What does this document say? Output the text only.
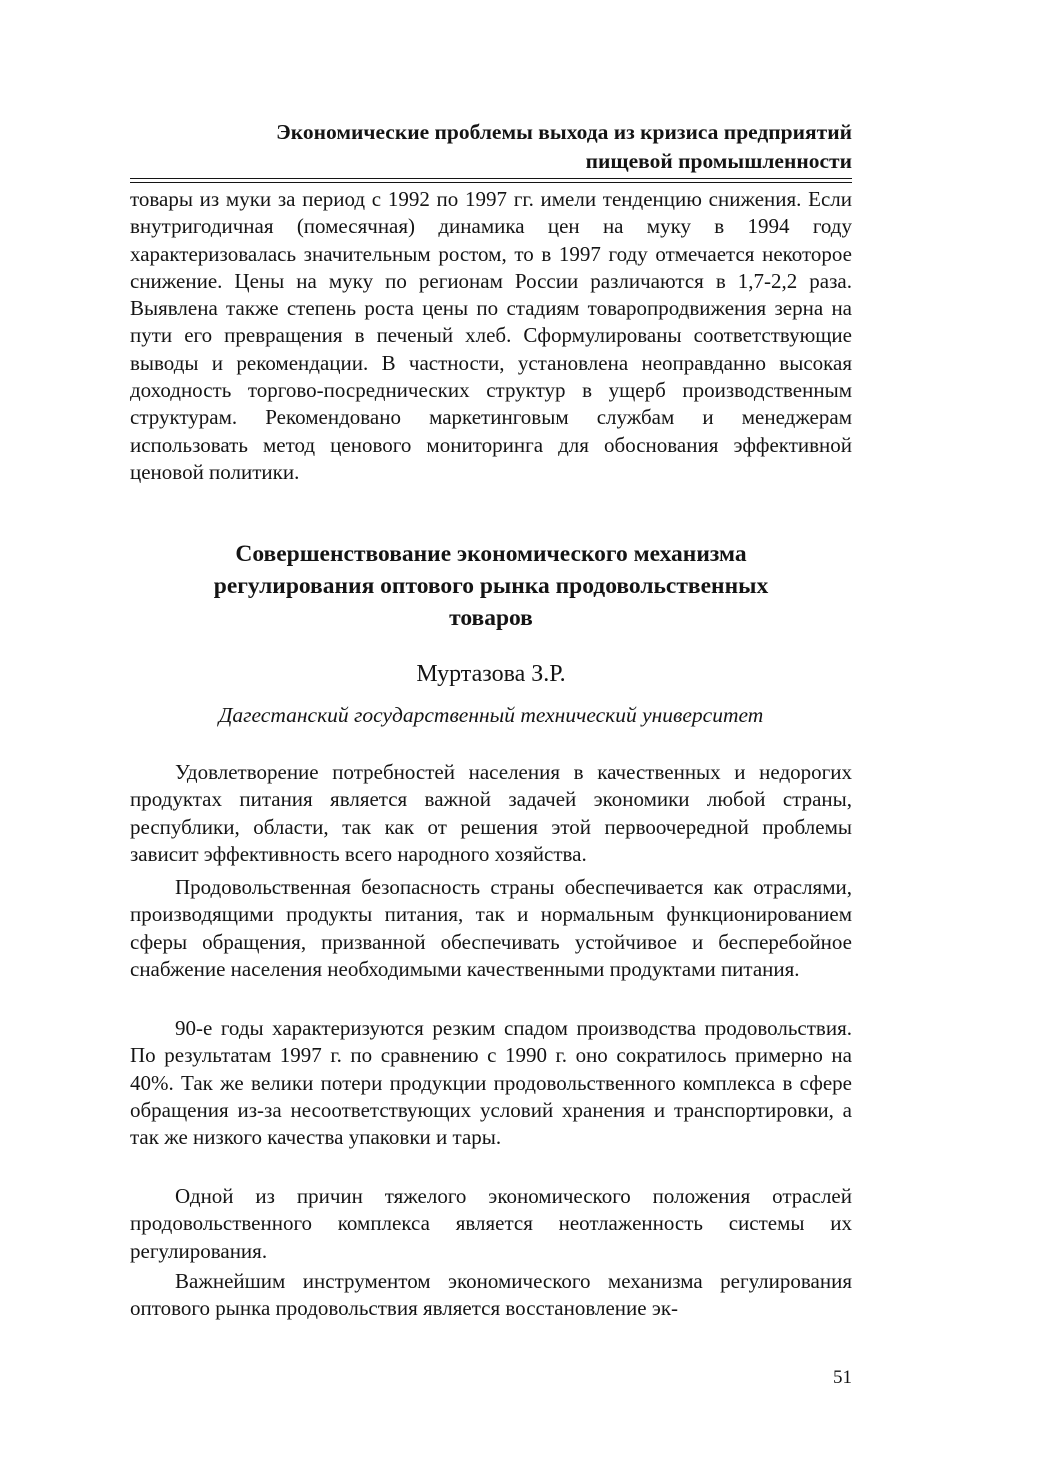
Экономические проблемы выхода из кризиса предприятий
пищевой промышленности

товары из муки за период с 1992 по 1997 гг. имели тенденцию снижения. Если внутригодичная (помесячная) динамика цен на муку в 1994 году характеризовалась значительным ростом, то в 1997 году отмечается некоторое снижение. Цены на муку по регионам России различаются в 1,7-2,2 раза. Выявлена также степень роста цены по стадиям товаропродвижения зерна на пути его превращения в печеный хлеб. Сформулированы соответствующие выводы и рекомендации. В частности, установлена неоправданно высокая доходность торгово-посреднических структур в ущерб производственным структурам. Рекомендовано маркетинговым службам и менеджерам использовать метод ценового мониторинга для обоснования эффективной ценовой политики.

Совершенствование экономического механизма
регулирования оптового рынка продовольственных
товаров

Муртазова З.Р.

Дагестанский государственный технический университет

Удовлетворение потребностей населения в качественных и недорогих продуктах питания является важной задачей экономики любой страны, республики, области, так как от решения этой первоочередной проблемы зависит эффективность всего народного хозяйства.

Продовольственная безопасность страны обеспечивается как отраслями, производящими продукты питания, так и нормальным функционированием сферы обращения, призванной обеспечивать устойчивое и бесперебойное снабжение населения необходимыми качественными продуктами питания.

90-е годы характеризуются резким спадом производства продовольствия. По результатам 1997 г. по сравнению с 1990 г. оно сократилось примерно на 40%. Так же велики потери продукции продовольственного комплекса в сфере обращения из-за несоответствующих условий хранения и транспортировки, а так же низкого качества упаковки и тары.

Одной из причин тяжелого экономического положения отраслей продовольственного комплекса является неотлаженность системы их регулирования.

Важнейшим инструментом экономического механизма регулирования оптового рынка продовольствия является восстановление эк-

51
